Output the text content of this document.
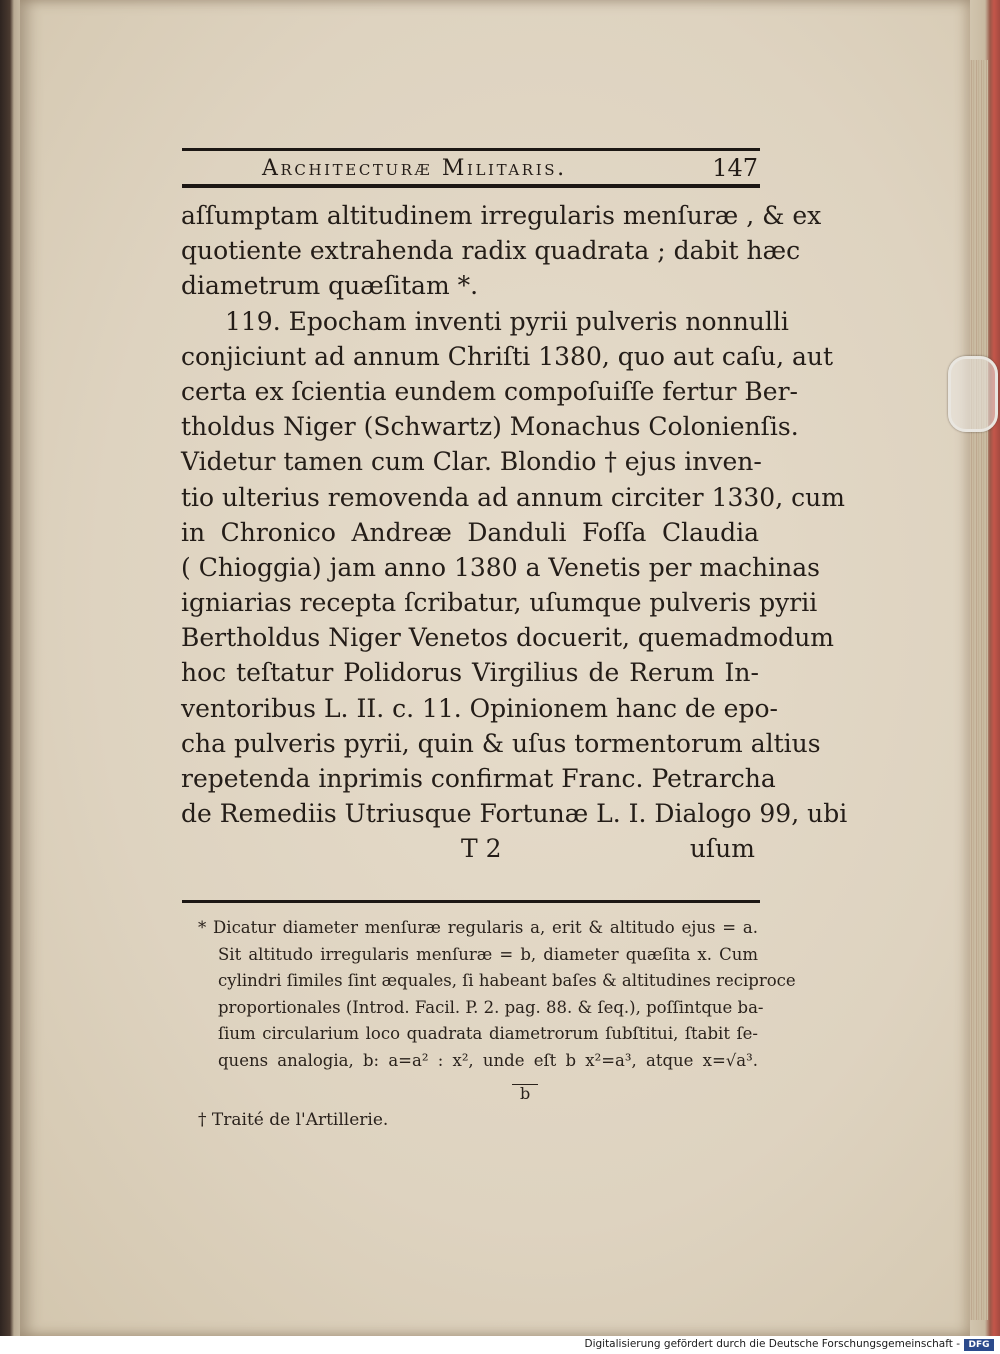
Architecturæ Militaris.	147
aſſumptam altitudinem irregularis menſuræ , & ex
quotiente extrahenda radix quadrata ; dabit hæc
diametrum quæſitam *.
119. Epocham inventi pyrii pulveris nonnulli
conjiciunt ad annum Chriſti 1380, quo aut caſu, aut
certa ex ſcientia eundem compoſuiſſe fertur Ber-
tholdus Niger (Schwartz) Monachus Colonienſis.
Videtur tamen cum Clar. Blondio † ejus inven-
tio ulterius removenda ad annum circiter 1330, cum
in Chronico Andreæ Danduli Foſſa Claudia
( Chioggia) jam anno 1380 a Venetis per machinas
igniarias recepta ſcribatur, uſumque pulveris pyrii
Bertholdus Niger Venetos docuerit, quemadmodum
hoc teſtatur Polidorus Virgilius de Rerum In-
ventoribus L. II. c. 11. Opinionem hanc de epo-
cha pulveris pyrii, quin & uſus tormentorum altius
repetenda inprimis confirmat Franc. Petrarcha
de Remediis Utriusque Fortunæ L. I. Dialogo 99, ubi
T 2	uſum
* Dicatur diameter menſuræ regularis a, erit & altitudo ejus = a.
Sit altitudo irregularis menſuræ = b, diameter quæſita x. Cum
cylindri ſimiles ſint æquales, ſi habeant baſes & altitudines reciproce
proportionales (Introd. Facil. P. 2. pag. 88. & ſeq.), poſſintque ba-
ſium circularium loco quadrata diametrorum ſubſtitui, ſtabit ſe-
quens analogia, b: a=a² : x², unde eſt b x²=a³, atque x=√a³.
b
† Traité de l'Artillerie.
Digitalisierung gefördert durch die Deutsche Forschungsgemeinschaft - DFG
